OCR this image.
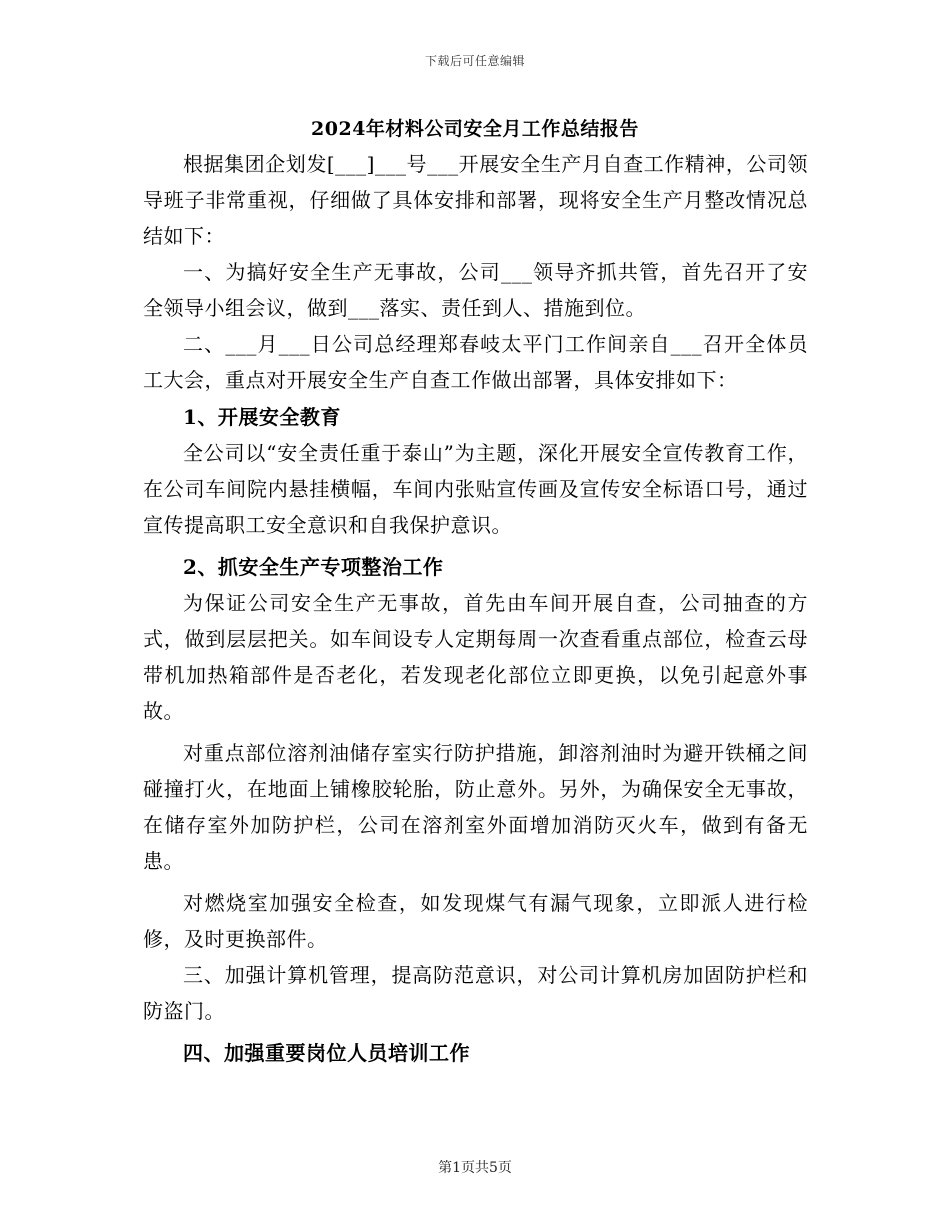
下载后可任意编辑
2024年材料公司安全月工作总结报告

根据集团企划发[___]___号___开展安全生产月自查工作精神，公司领导班子非常重视，仔细做了具体安排和部署，现将安全生产月整改情况总结如下：

一、为搞好安全生产无事故，公司___领导齐抓共管，首先召开了安全领导小组会议，做到___落实、责任到人、措施到位。

二、___月___日公司总经理郑春岐太平门工作间亲自___召开全体员工大会，重点对开展安全生产自查工作做出部署，具体安排如下：

1、开展安全教育

全公司以“安全责任重于泰山”为主题，深化开展安全宣传教育工作，在公司车间院内悬挂横幅，车间内张贴宣传画及宣传安全标语口号，通过宣传提高职工安全意识和自我保护意识。

2、抓安全生产专项整治工作

为保证公司安全生产无事故，首先由车间开展自查，公司抽查的方式，做到层层把关。如车间设专人定期每周一次查看重点部位，检查云母带机加热箱部件是否老化，若发现老化部位立即更换，以免引起意外事故。

对重点部位溶剂油储存室实行防护措施，卸溶剂油时为避开铁桶之间碰撞打火，在地面上铺橡胶轮胎，防止意外。另外，为确保安全无事故，在储存室外加防护栏，公司在溶剂室外面增加消防灭火车，做到有备无患。

对燃烧室加强安全检查，如发现煤气有漏气现象，立即派人进行检修，及时更换部件。

三、加强计算机管理，提高防范意识，对公司计算机房加固防护栏和防盗门。

四、加强重要岗位人员培训工作

第1页共5页
